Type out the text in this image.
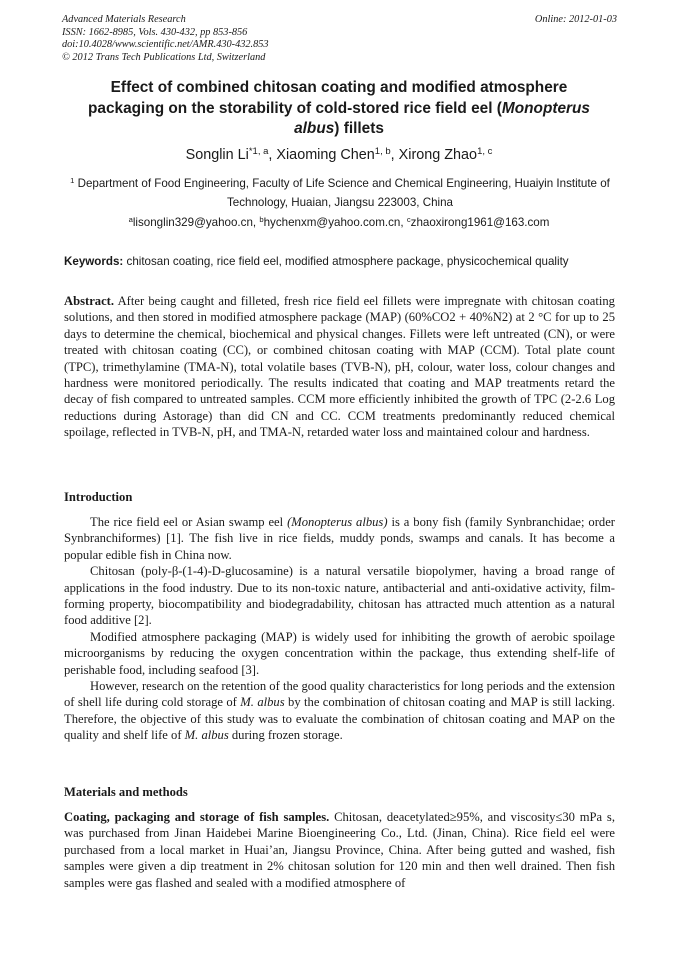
Advanced Materials Research
ISSN: 1662-8985, Vols. 430-432, pp 853-856
doi:10.4028/www.scientific.net/AMR.430-432.853
© 2012 Trans Tech Publications Ltd, Switzerland
Online: 2012-01-03
Effect of combined chitosan coating and modified atmosphere
packaging on the storability of cold-stored rice field eel (Monopterus
albus) fillets
Songlin Li$^{*1, a}$, Xiaoming Chen$^{1, b}$, Xirong Zhao$^{1, c}$
$^1$ Department of Food Engineering, Faculty of Life Science and Chemical Engineering, Huaiyin Institute of Technology, Huaian, Jiangsu 223003, China
$^a$lisonglin329@yahoo.cn, $^b$hychenxm@yahoo.com.cn, $^c$zhaoxirong1961@163.com
Keywords: chitosan coating, rice field eel, modified atmosphere package, physicochemical quality

Abstract. After being caught and filleted, fresh rice field eel fillets were impregnate with chitosan coating solutions, and then stored in modified atmosphere package (MAP) (60%CO2 + 40%N2) at 2 °C for up to 25 days to determine the chemical, biochemical and physical changes. Fillets were left untreated (CN), or were treated with chitosan coating (CC), or combined chitosan coating with MAP (CCM). Total plate count (TPC), trimethylamine (TMA-N), total volatile bases (TVB-N), pH, colour, water loss, colour changes and hardness were monitored periodically. The results indicated that coating and MAP treatments retard the decay of fish compared to untreated samples. CCM more efficiently inhibited the growth of TPC (2-2.6 Log reductions during Astorage) than did CN and CC. CCM treatments predominantly reduced chemical spoilage, reflected in TVB-N, pH, and TMA-N, retarded water loss and maintained colour and hardness.

Introduction

The rice field eel or Asian swamp eel (Monopterus albus) is a bony fish (family Synbranchidae; order Synbranchiformes) [1]. The fish live in rice fields, muddy ponds, swamps and canals. It has become a popular edible fish in China now.

Chitosan (poly-β-(1-4)-D-glucosamine) is a natural versatile biopolymer, having a broad range of applications in the food industry. Due to its non-toxic nature, antibacterial and anti-oxidative activity, film-forming property, biocompatibility and biodegradability, chitosan has attracted much attention as a natural food additive [2].

Modified atmosphere packaging (MAP) is widely used for inhibiting the growth of aerobic spoilage microorganisms by reducing the oxygen concentration within the package, thus extending shelf-life of perishable food, including seafood [3].

However, research on the retention of the good quality characteristics for long periods and the extension of shell life during cold storage of M. albus by the combination of chitosan coating and MAP is still lacking. Therefore, the objective of this study was to evaluate the combination of chitosan coating and MAP on the quality and shelf life of M. albus during frozen storage.

Materials and methods

Coating, packaging and storage of fish samples. Chitosan, deacetylated≥95%, and viscosity≤30 mPa s, was purchased from Jinan Haidebei Marine Bioengineering Co., Ltd. (Jinan, China). Rice field eel were purchased from a local market in Huai’an, Jiangsu Province, China. After being gutted and washed, fish samples were given a dip treatment in 2% chitosan solution for 120 min and then well drained. Then fish samples were gas flashed and sealed with a modified atmosphere of
